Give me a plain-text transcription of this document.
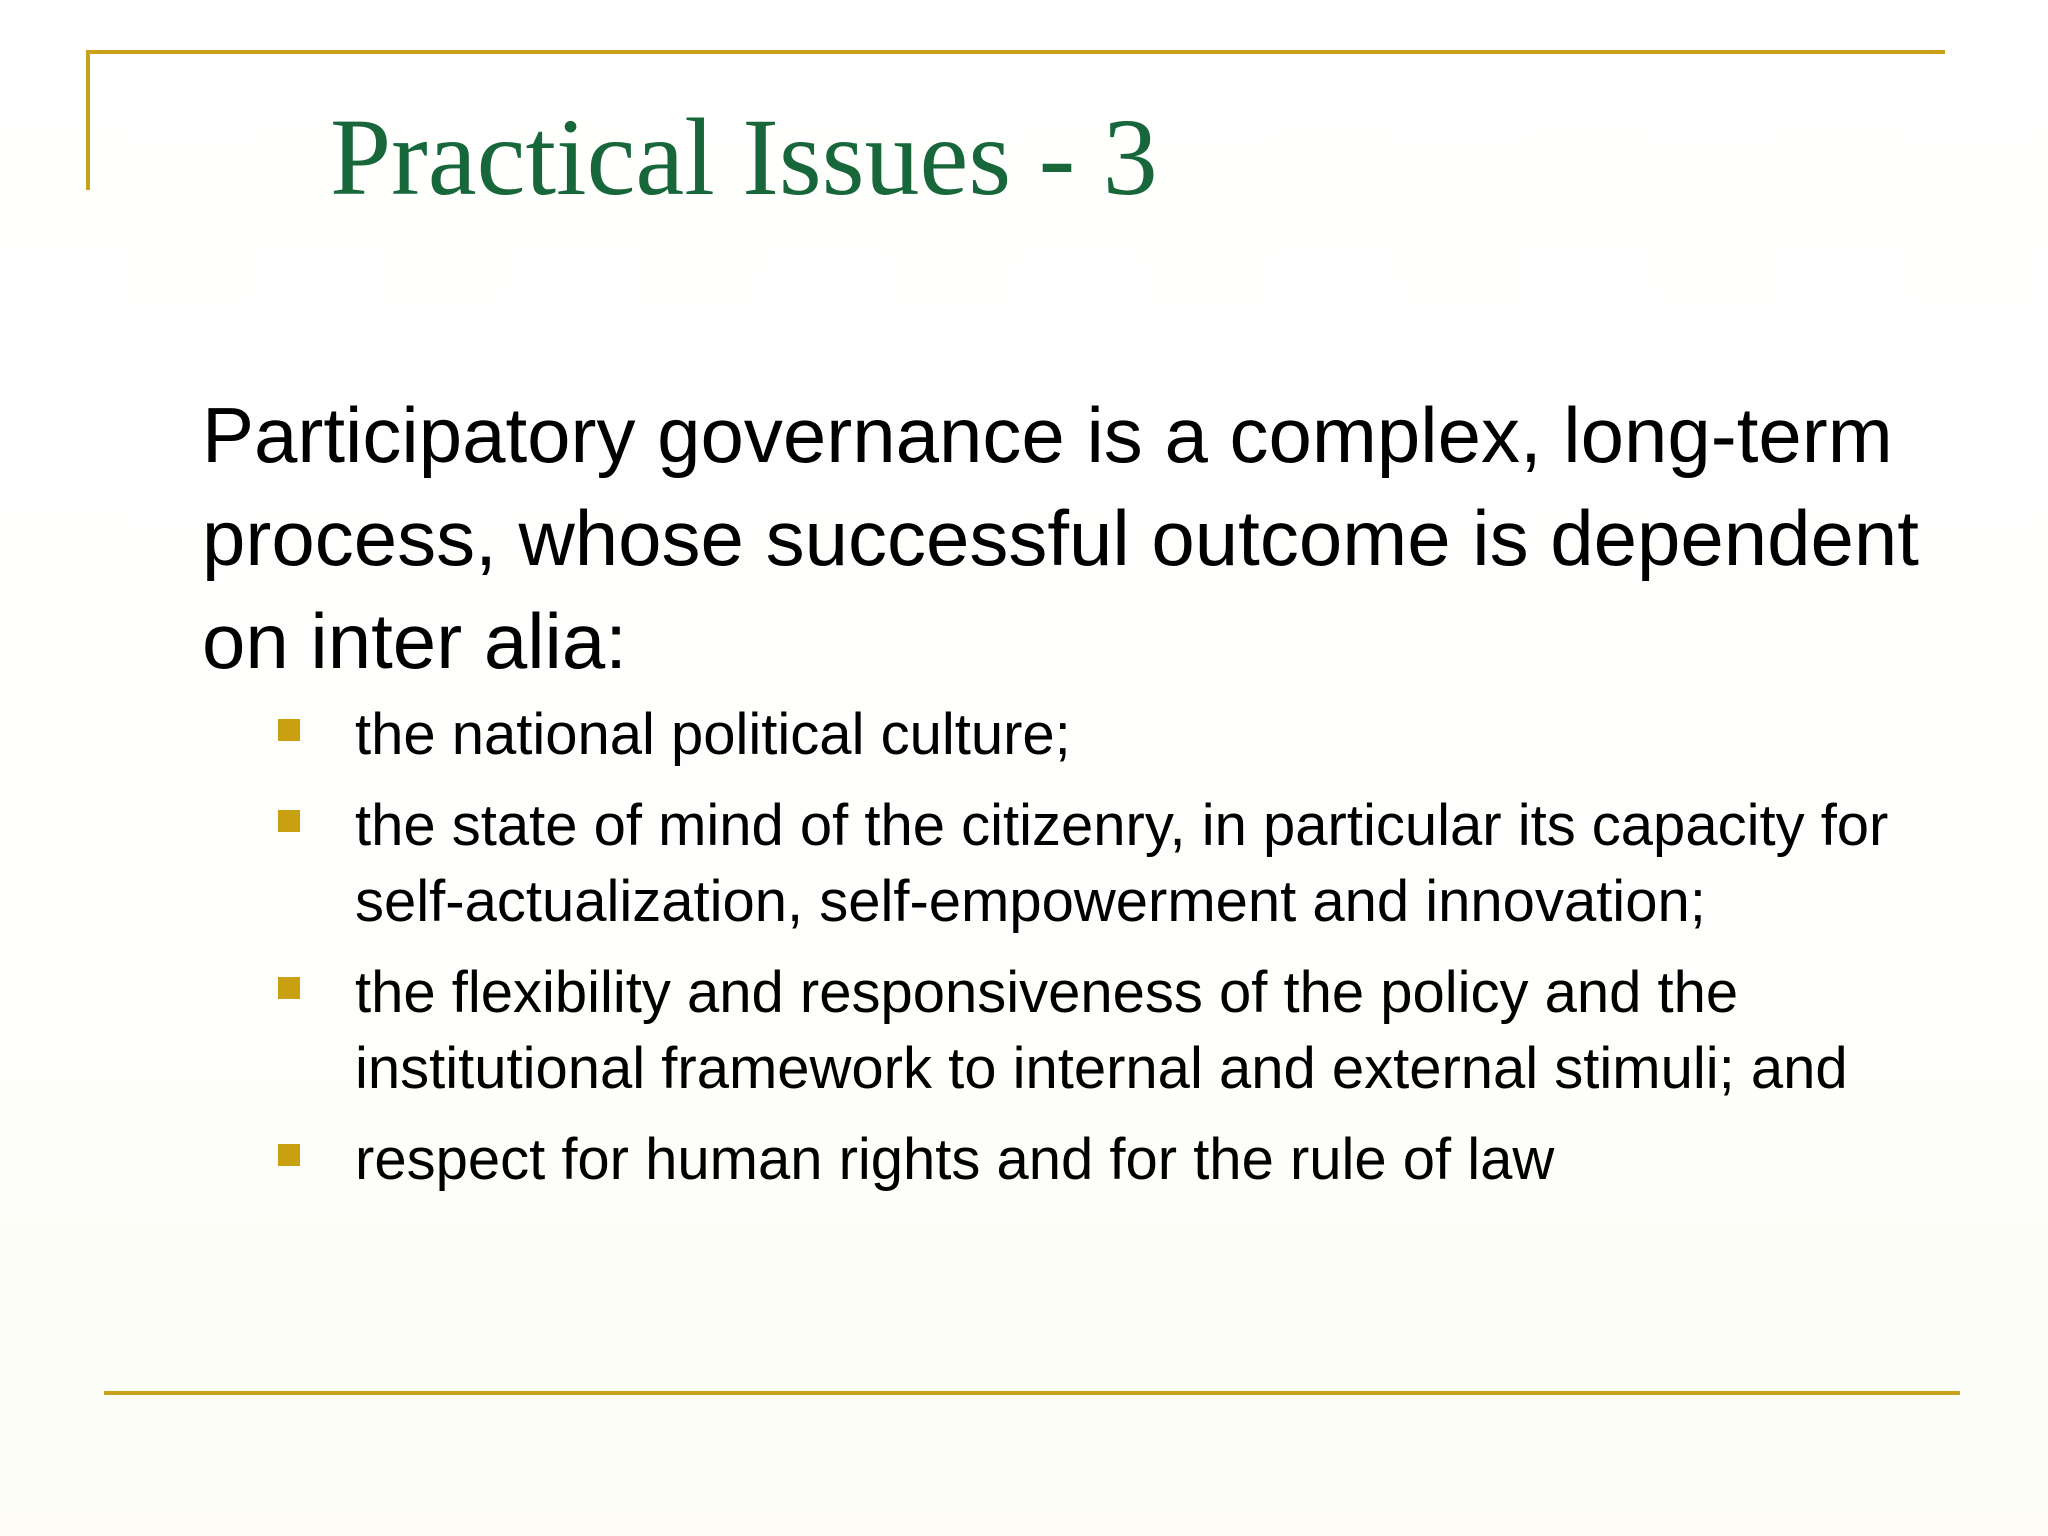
Practical Issues - 3

Participatory governance is a complex, long-term process, whose successful outcome is dependent on inter alia:

the national political culture;
the state of mind of the citizenry, in particular its capacity for self-actualization, self-empowerment and innovation;
the flexibility and responsiveness of the policy and the institutional framework to internal and external stimuli; and
respect for human rights and for the rule of law
